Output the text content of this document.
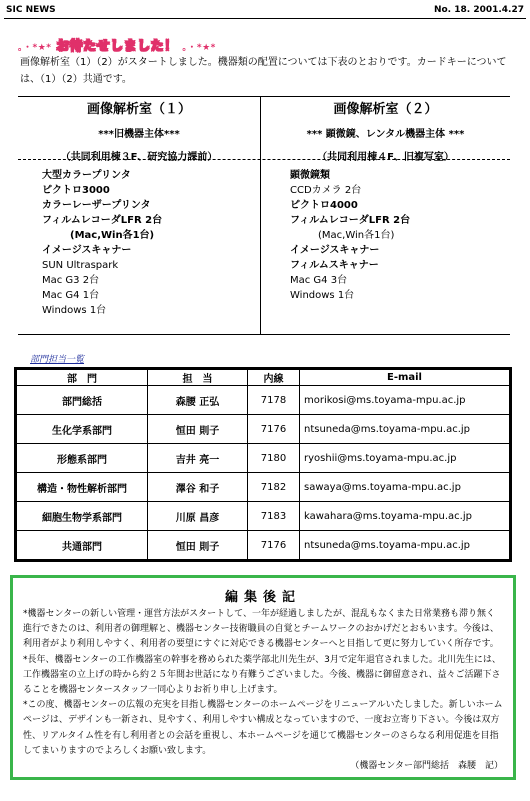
SIC NEWS	No. 18. 2001.4.27
。・*★* お待たせしました！ 。・*★*
画像解析室（1）（2）がスタートしました。機器類の配置については下表のとおりです。カードキーについては、（1）（2）共通です。
画像解析室（１）
***旧機器主体***
（共同利用棟３F、研究協力課前）
大型カラープリンタ
ピクトロ3000
カラーレーザープリンタ
フィルムレコーダLFR 2台
(Mac,Win各1台)
イメージスキャナー
SUN Ultraspark
Mac G3 2台
Mac G4 1台
Windows 1台
画像解析室（２）
*** 顕微鏡、レンタル機器主体 ***
（共同利用棟４F、旧複写室）
顕微鏡類
CCDカメラ 2台
ピクトロ4000
フィルムレコーダLFR 2台
(Mac,Win各1台)
イメージスキャナー
フィルムスキャナー
Mac G4 3台
Windows 1台
部門担当一覧
部　門	担　当	内線	E-mail
部門総括	森腰 正弘	7178	morikosi@ms.toyama-mpu.ac.jp
生化学系部門	恒田 則子	7176	ntsuneda@ms.toyama-mpu.ac.jp
形態系部門	吉井 亮一	7180	ryoshii@ms.toyama-mpu.ac.jp
構造・物性解析部門	澤谷 和子	7182	sawaya@ms.toyama-mpu.ac.jp
細胞生物学系部門	川原 昌彦	7183	kawahara@ms.toyama-mpu.ac.jp
共通部門	恒田 則子	7176	ntsuneda@ms.toyama-mpu.ac.jp
編集後記

*機器センターの新しい管理・運営方法がスタートして、一年が経過しましたが、混乱もなくまた日常業務も滞り無く進行できたのは、利用者の御理解と、機器センター技術職員の自覚とチームワークのおかげだとおもいます。今後は、利用者がより利用しやすく、利用者の要望にすぐに対応できる機器センターへと目指して更に努力していく所存です。

*長年、機器センターの工作機器室の幹事を務められた薬学部北川先生が、3月で定年退官されました。北川先生には、工作機器室の立上げの時から約２５年間お世話になり有難うございました。今後、機器に御留意され、益々ご活躍下さることを機器センタースタッフ一同心よりお祈り申し上げます。

*この度、機器センターの広報の充実を目指し機器センターのホームページをリニューアルいたしました。新しいホームページは、デザインも一新され、見やすく、利用しやすい構成となっていますので、一度お立寄り下さい。今後は双方性、リアルタイム性を有し利用者との会話を重視し、本ホームページを通じて機器センターのさらなる利用促進を目指してまいりますのでよろしくお願い致します。

（機器センター部門総括　森腰　記）
